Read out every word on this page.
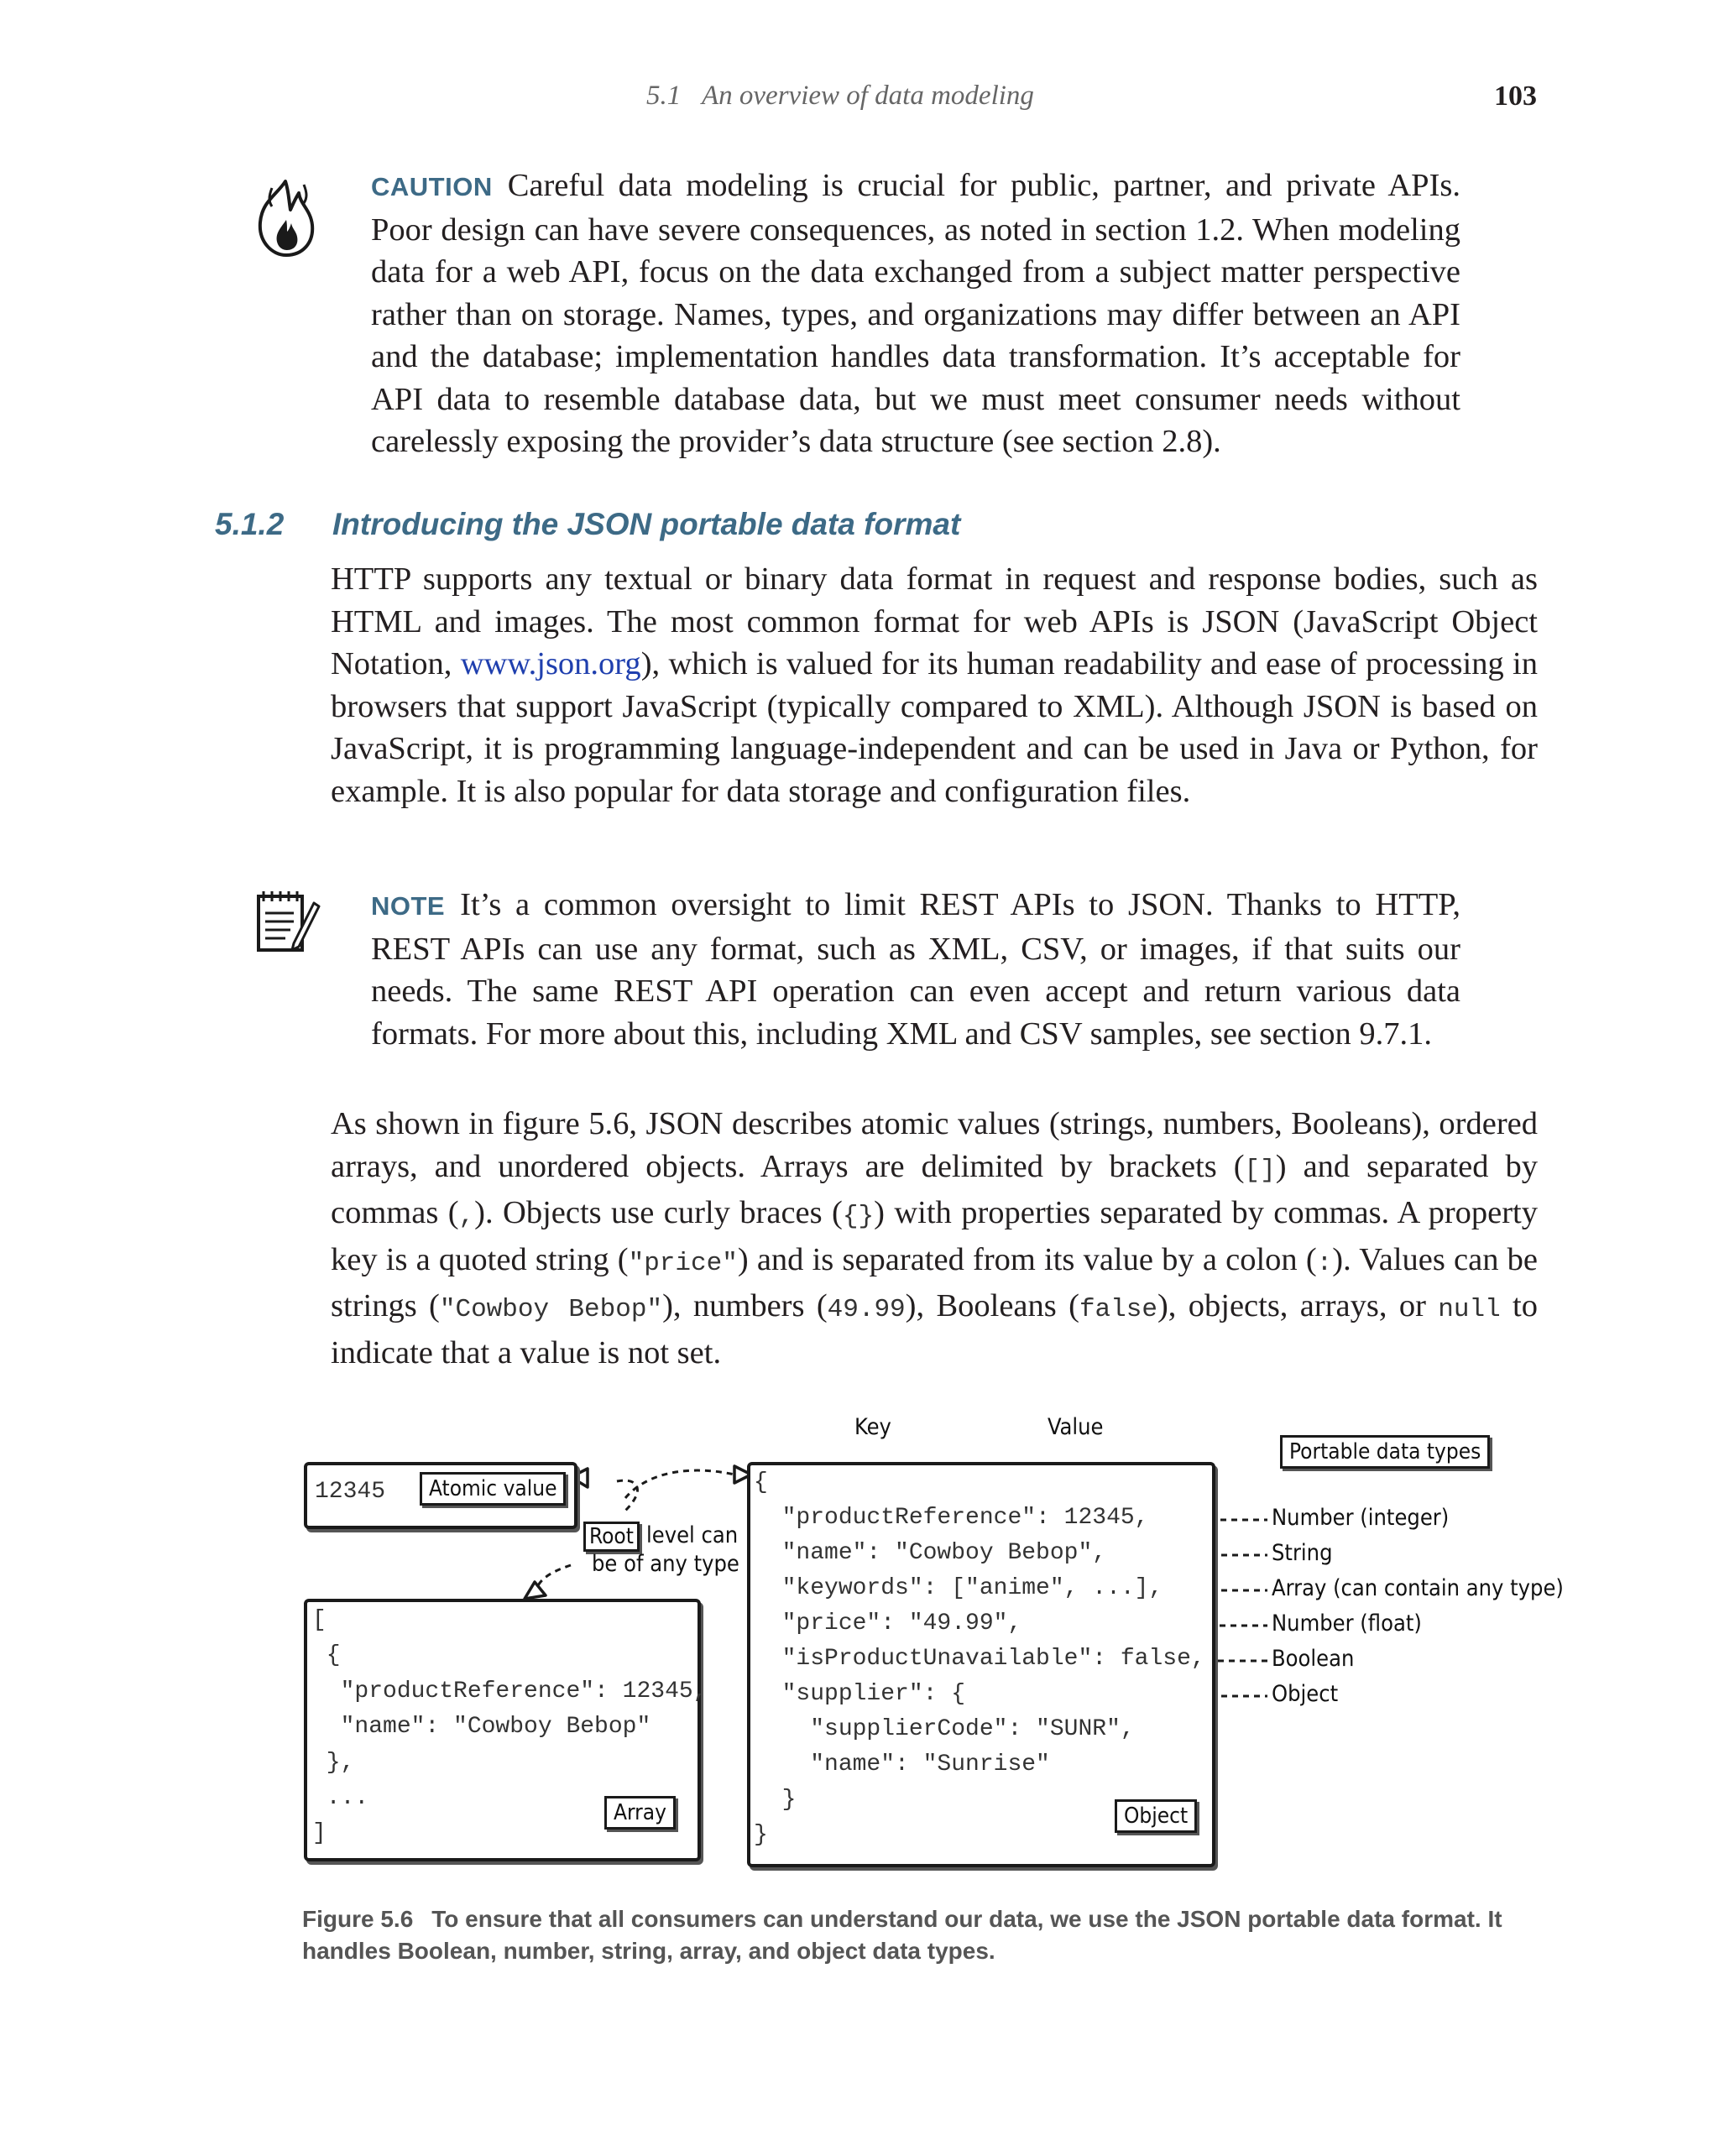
5.1 An overview of data modeling	103
CAUTION Careful data modeling is crucial for public, partner, and private APIs. Poor design can have severe consequences, as noted in section 1.2. When modeling data for a web API, focus on the data exchanged from a subject matter perspective rather than on storage. Names, types, and organizations may differ between an API and the database; implementation handles data transformation. It’s acceptable for API data to resemble database data, but we must meet consumer needs without carelessly exposing the provider’s data structure (see section 2.8).
5.1.2 Introducing the JSON portable data format
HTTP supports any textual or binary data format in request and response bodies, such as HTML and images. The most common format for web APIs is JSON (JavaScript Object Notation, www.json.org), which is valued for its human readability and ease of processing in browsers that support JavaScript (typically compared to XML). Although JSON is based on JavaScript, it is programming language-independent and can be used in Java or Python, for example. It is also popular for data storage and configuration files.
NOTE It’s a common oversight to limit REST APIs to JSON. Thanks to HTTP, REST APIs can use any format, such as XML, CSV, or images, if that suits our needs. The same REST API operation can even accept and return various data formats. For more about this, including XML and CSV samples, see section 9.7.1.
As shown in figure 5.6, JSON describes atomic values (strings, numbers, Booleans), ordered arrays, and unordered objects. Arrays are delimited by brackets ([]) and separated by commas (,). Objects use curly braces ({}) with properties separated by commas. A property key is a quoted string ("price") and is separated from its value by a colon (:). Values can be strings ("Cowboy Bebop"), numbers (49.99), Booleans (false), objects, arrays, or null to indicate that a value is not set.
12345	Atomic value
Root level can
be of any type
[
{
"productReference": 12345,
"name": "Cowboy Bebop"
},
...
]
Array
Key	Value
{
"productReference": 12345,
"name": "Cowboy Bebop",
"keywords": ["anime", ...],
"price": "49.99",
"isProductUnavailable": false,
"supplier": {
"supplierCode": "SUNR",
"name": "Sunrise"
}
}
Object
Portable data types
Number (integer)
String
Array (can contain any type)
Number (float)
Boolean
Object
Figure 5.6 To ensure that all consumers can understand our data, we use the JSON portable data format. It handles Boolean, number, string, array, and object data types.
